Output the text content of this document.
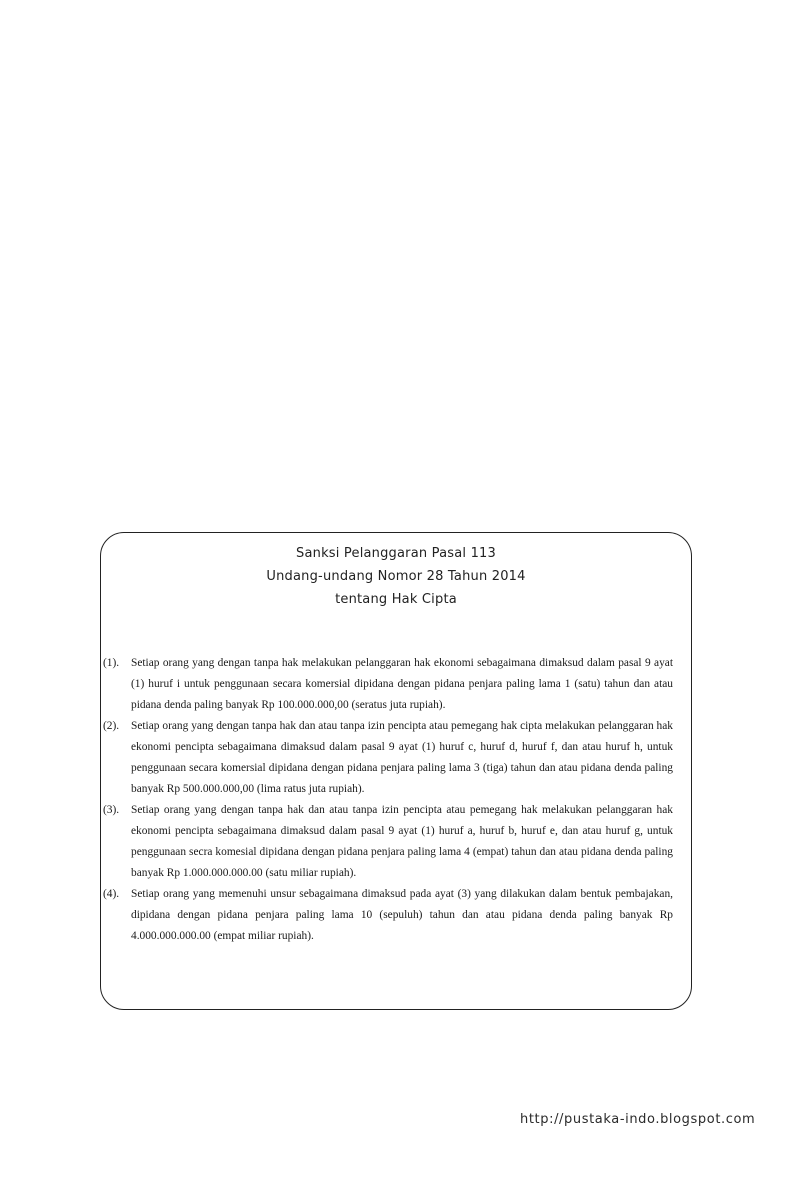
Sanksi Pelanggaran Pasal 113
Undang-undang Nomor 28 Tahun 2014
tentang Hak Cipta
(1).	Setiap orang yang dengan tanpa hak melakukan pelanggaran hak ekonomi sebagaimana dimaksud dalam pasal 9 ayat (1) huruf i untuk penggunaan secara komersial dipidana dengan pidana penjara paling lama 1 (satu) tahun dan atau pidana denda paling banyak Rp 100.000.000,00 (seratus juta rupiah).
(2).	Setiap orang yang dengan tanpa hak dan atau tanpa izin pencipta atau pemegang hak cipta melakukan pelanggaran hak ekonomi pencipta sebagaimana dimaksud dalam pasal 9 ayat (1) huruf c, huruf d, huruf f, dan atau huruf h, untuk penggunaan secara komersial dipidana dengan pidana penjara paling lama 3 (tiga) tahun dan atau pidana denda paling banyak Rp 500.000.000,00 (lima ratus juta rupiah).
(3).	Setiap orang yang dengan tanpa hak dan atau tanpa izin pencipta atau pemegang hak melakukan pelanggaran hak ekonomi pencipta sebagaimana dimaksud dalam pasal 9 ayat (1) huruf a, huruf b, huruf e, dan atau huruf g, untuk penggunaan secra komesial dipidana dengan pidana penjara paling lama 4 (empat) tahun dan atau pidana denda paling banyak Rp 1.000.000.000.00 (satu miliar rupiah).
(4).	Setiap orang yang memenuhi unsur sebagaimana dimaksud pada ayat (3) yang dilakukan dalam bentuk pembajakan, dipidana dengan pidana penjara paling lama 10 (sepuluh) tahun dan atau pidana denda paling banyak Rp 4.000.000.000.00 (empat miliar rupiah).
http://pustaka-indo.blogspot.com
